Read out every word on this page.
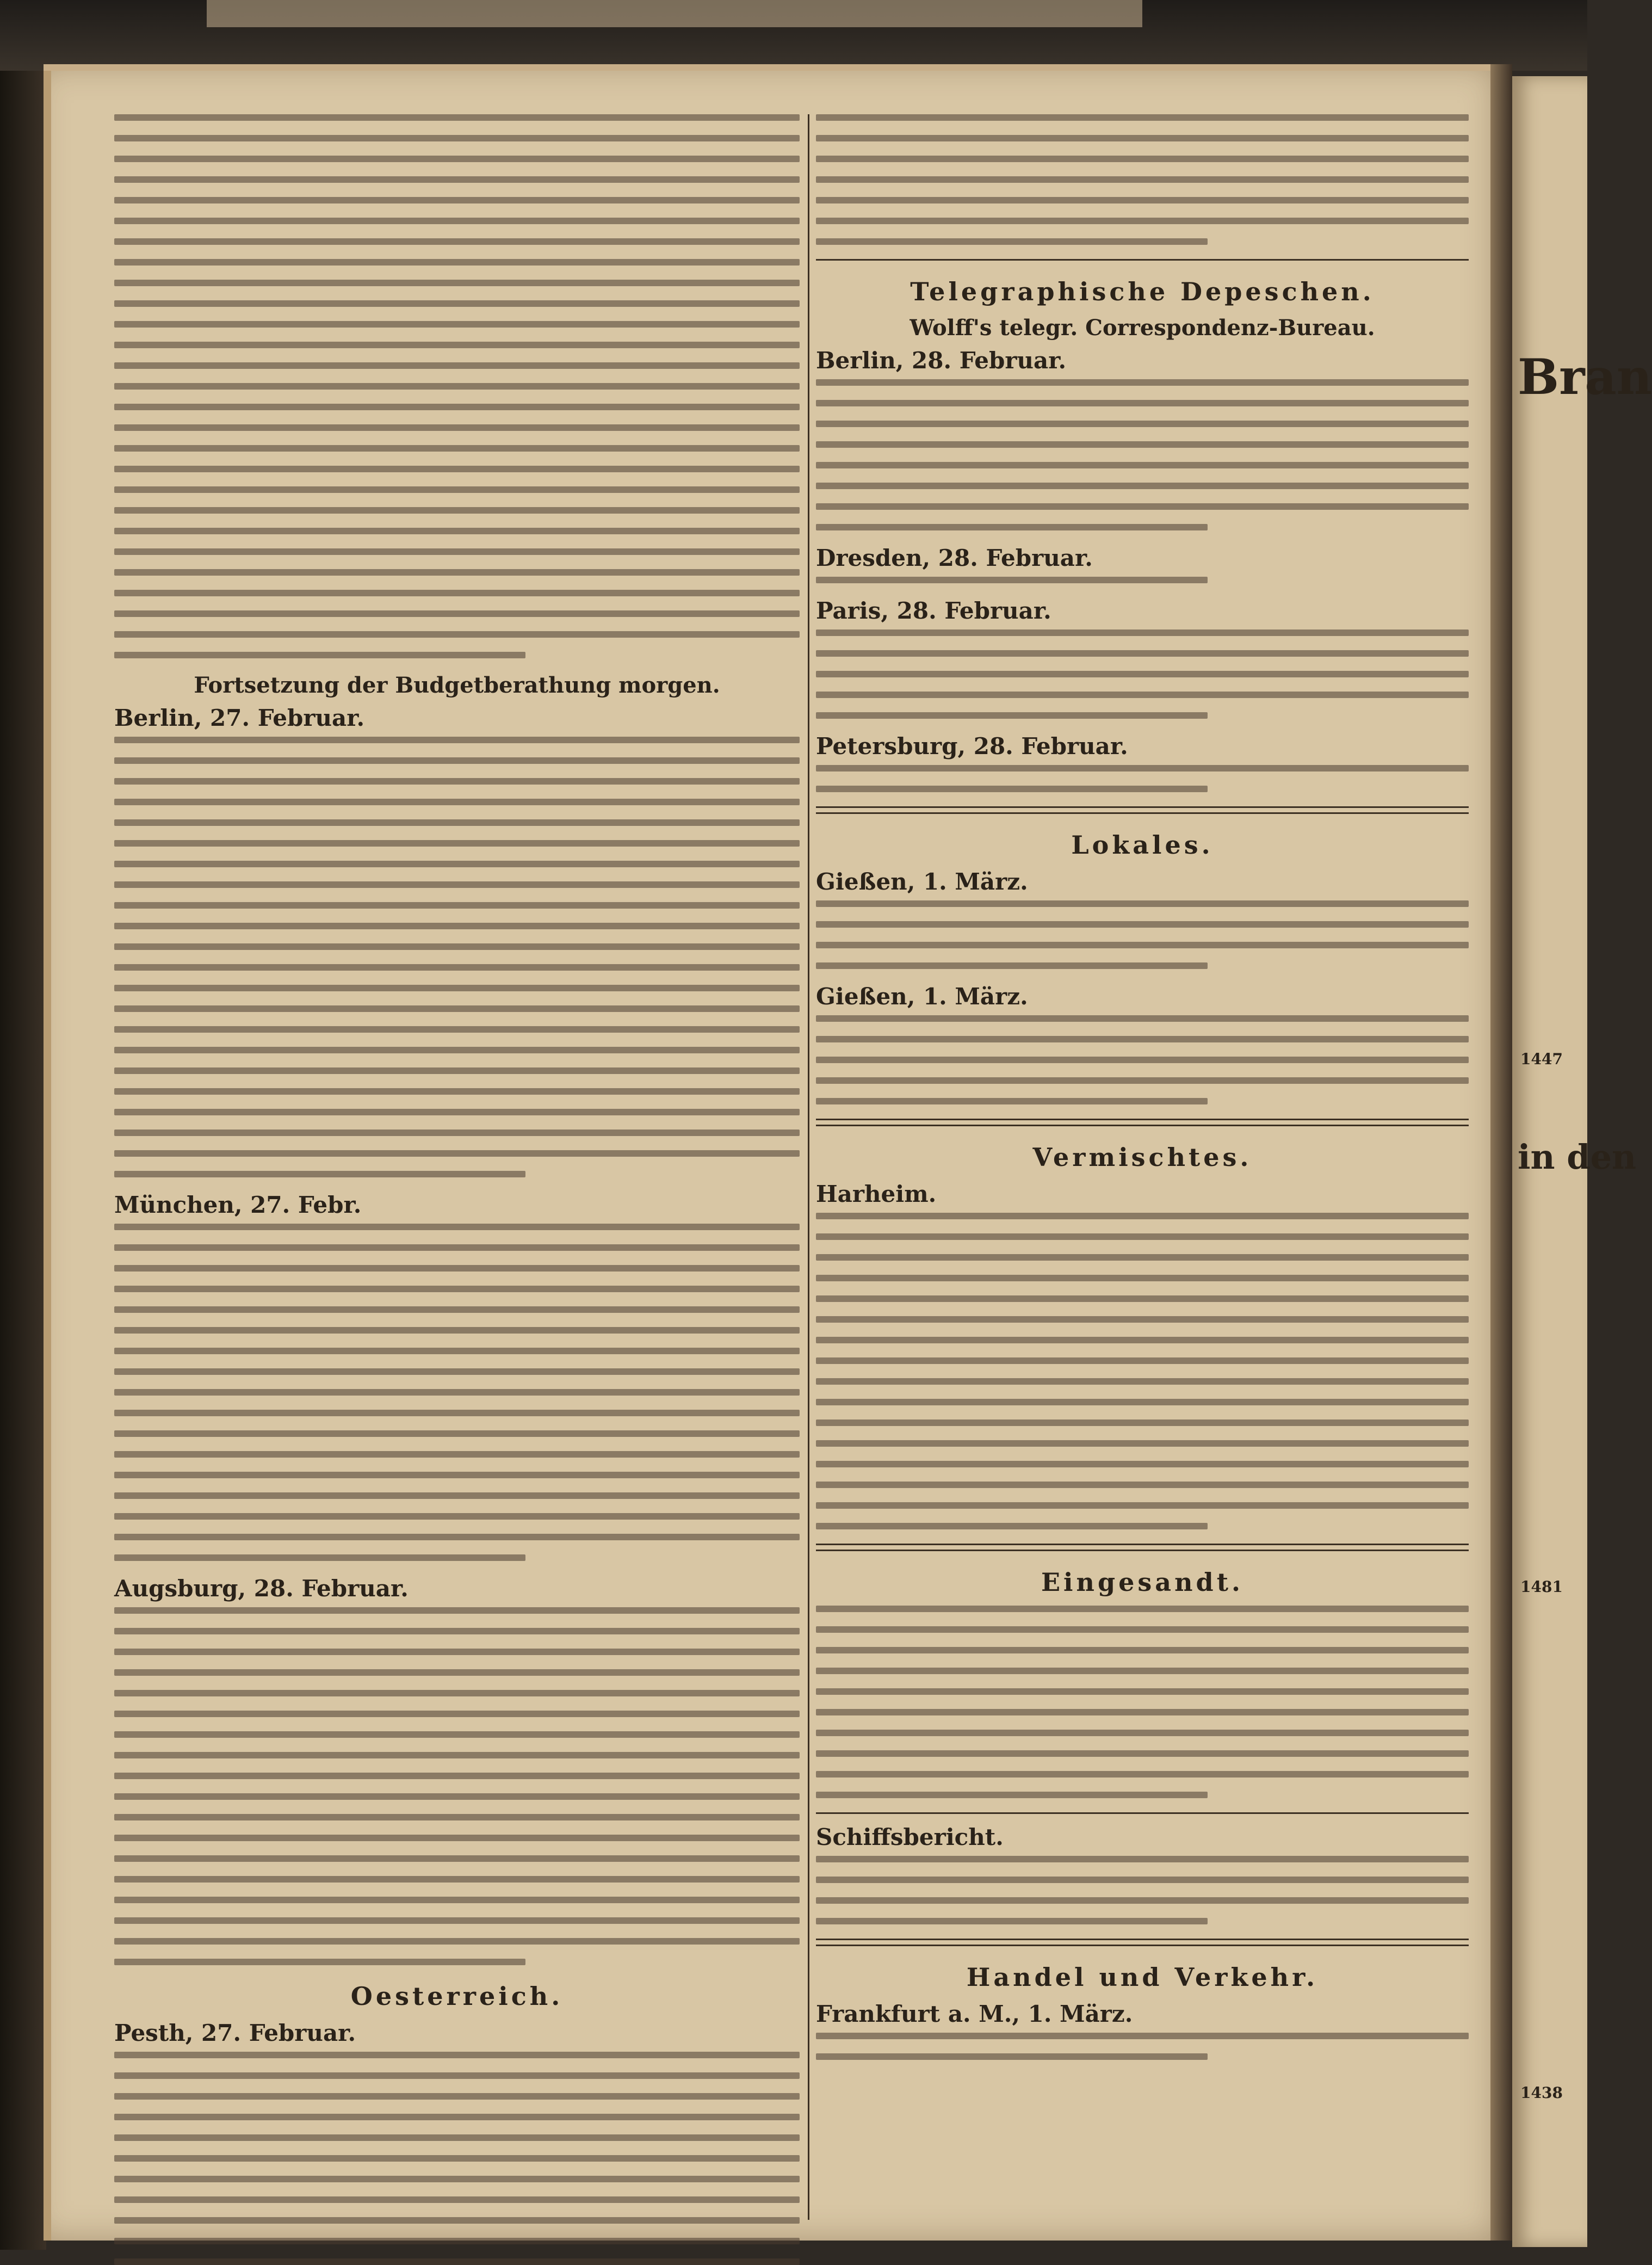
Fortsetzung der Budgetberathung morgen.
Berlin, 27. Februar.
München, 27. Febr.
Augsburg, 28. Februar.
Oesterreich.
Pesth, 27. Februar.
Telegraphische Depeschen.
Wolff's telegr. Correspondenz-Bureau.
Berlin, 28. Februar.
Dresden, 28. Februar.
Paris, 28. Februar.
Petersburg, 28. Februar.
Lokales.
Gießen, 1. März.
Gießen, 1. März.
Vermischtes.
Harheim.
Eingesandt.
Schiffsbericht.
Handel und Verkehr.
Frankfurt a. M., 1. März.
Bran
in den
1447
1481
1438
